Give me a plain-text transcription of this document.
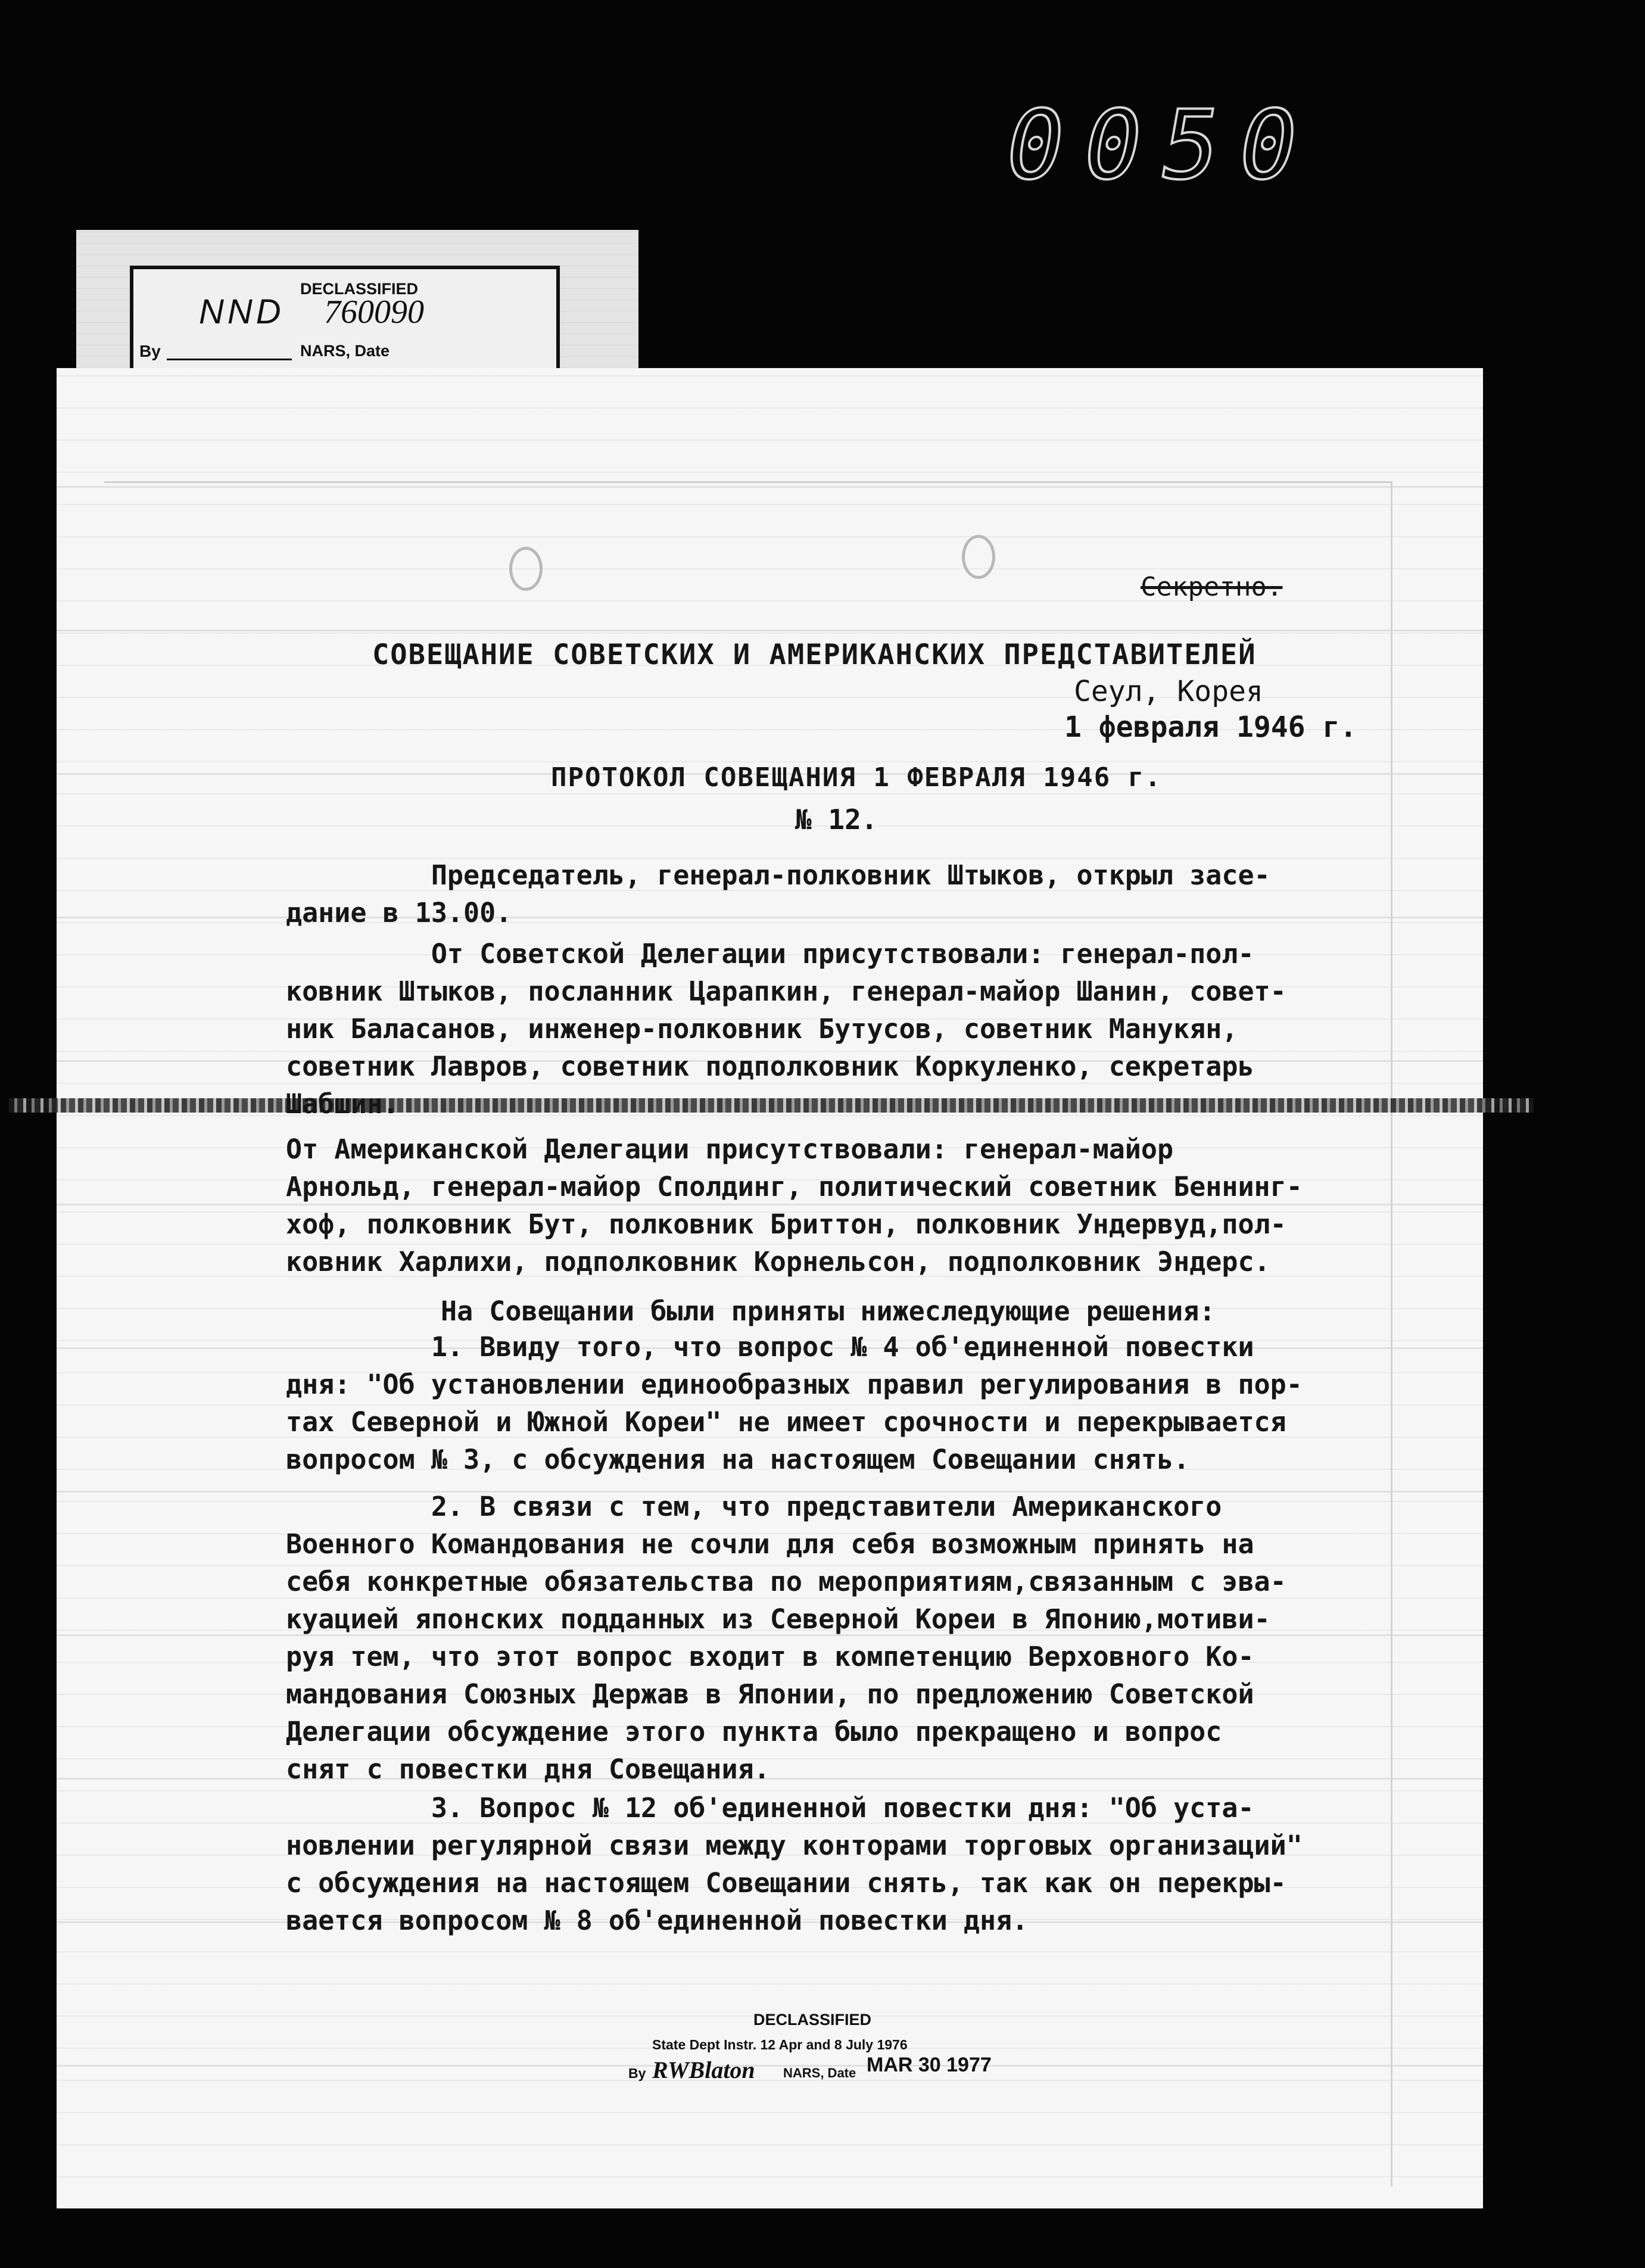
0050
DECLASSIFIED
NND 760090
By	NARS, Date
Секретно.
СОВЕЩАНИЕ СОВЕТСКИХ И АМЕРИКАНСКИХ ПРЕДСТАВИТЕЛЕЙ
Сеул, Корея
1 февраля 1946 г.
ПРОТОКОЛ СОВЕЩАНИЯ 1 ФЕВРАЛЯ 1946 г.
№ 12.

Председатель, генерал-полковник Штыков, открыл засе-
дание в 13.00.

От Советской Делегации присутствовали: генерал-пол-
ковник Штыков, посланник Царапкин, генерал-майор Шанин, совет-
ник Баласанов, инженер-полковник Бутусов, советник Манукян,
советник Лавров, советник подполковник Коркуленко, секретарь
Шабшин.

От Американской Делегации присутствовали: генерал-майор
Арнольд, генерал-майор Сполдинг, политический советник Беннинг-
хоф, полковник Бут, полковник Бриттон, полковник Ундервуд,пол-
ковник Харлихи, подполковник Корнельсон, подполковник Эндерс.

На Совещании были приняты нижеследующие решения:

1. Ввиду того, что вопрос № 4 об'единенной повестки
дня: "Об установлении единообразных правил регулирования в пор-
тах Северной и Южной Кореи" не имеет срочности и перекрывается
вопросом № 3, с обсуждения на настоящем Совещании снять.

2. В связи с тем, что представители Американского
Военного Командования не сочли для себя возможным принять на
себя конкретные обязательства по мероприятиям,связанным с эва-
куацией японских подданных из Северной Кореи в Японию,мотиви-
руя тем, что этот вопрос входит в компетенцию Верховного Ко-
мандования Союзных Держав в Японии, по предложению Советской
Делегации обсуждение этого пункта было прекращено и вопрос
снят с повестки дня Совещания.

3. Вопрос № 12 об'единенной повестки дня: "Об уста-
новлении регулярной связи между конторами торговых организаций"
с обсуждения на настоящем Совещании снять, так как он перекры-
вается вопросом № 8 об'единенной повестки дня.

DECLASSIFIED
State Dept Instr. 12 Apr and 8 July 1976
By RWBlaton NARS, Date MAR 30 1977
